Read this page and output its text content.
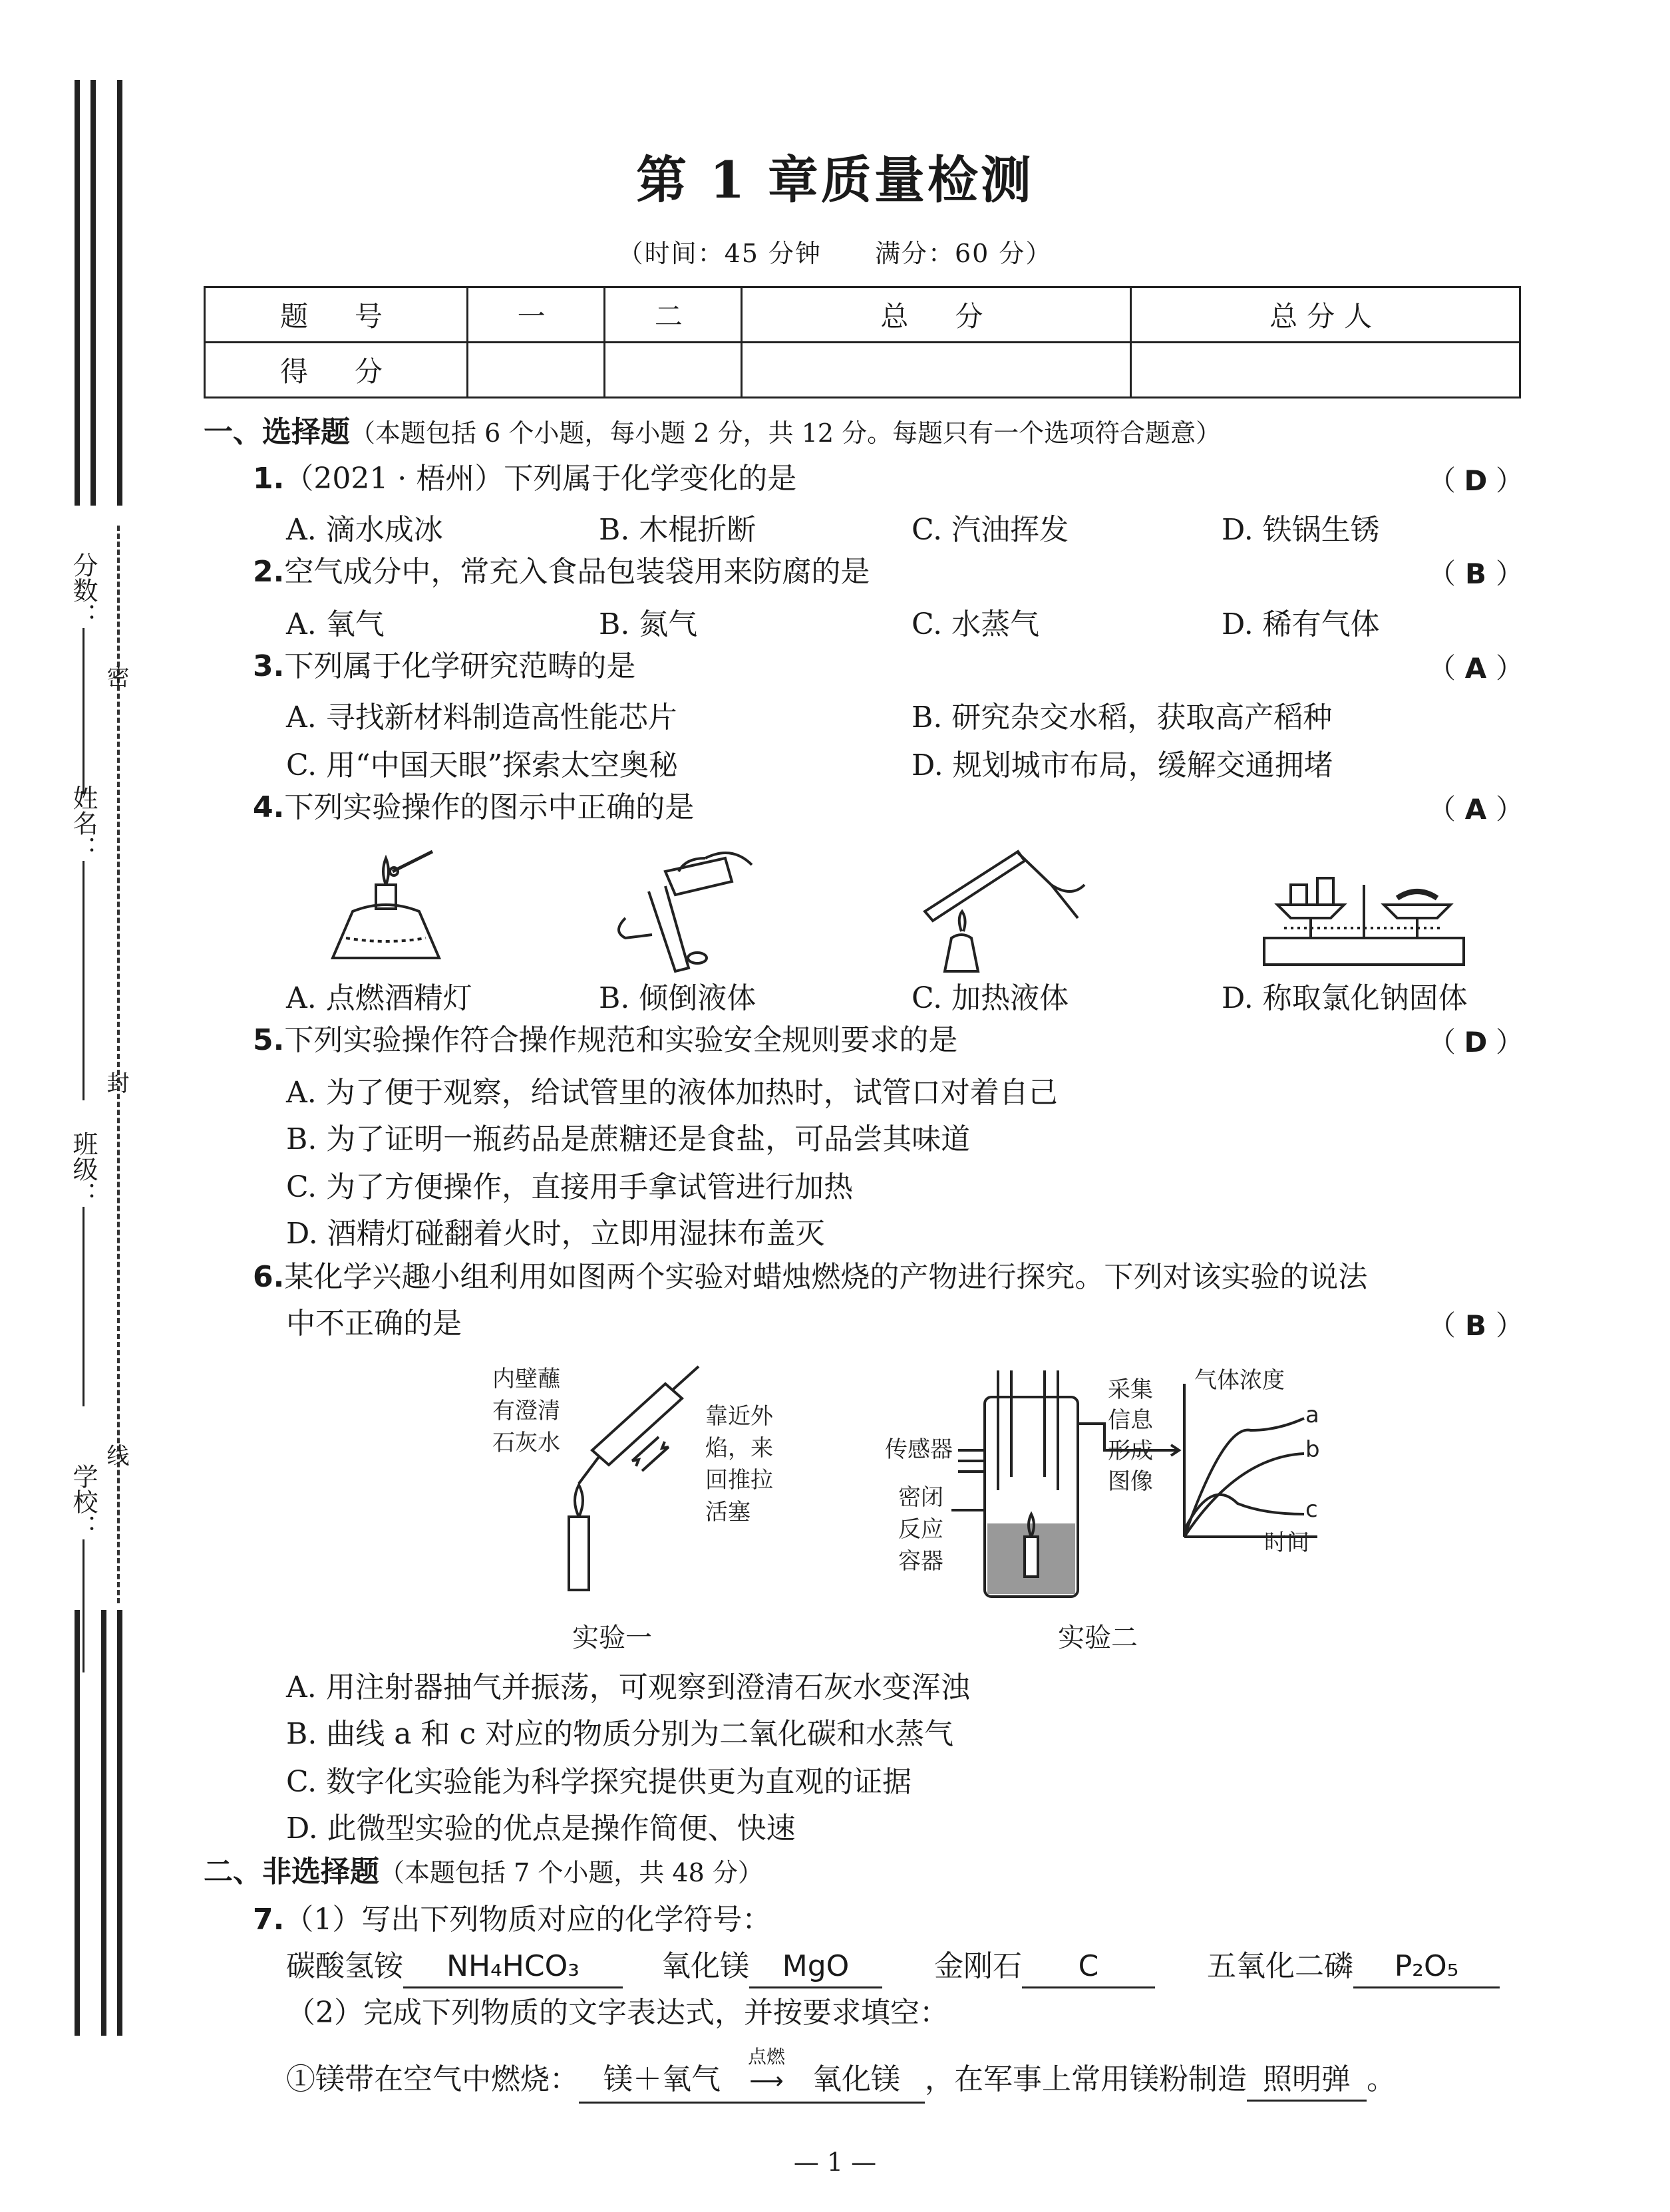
分数：
姓名：
班级：
学校：
密
封
线
第 1 章质量检测
（时间：45 分钟　　满分：60 分）
题　号	一	二	总　分	总分人
得　分				
一、选择题（本题包括 6 个小题，每小题 2 分，共 12 分。每题只有一个选项符合题意）
1.（2021 · 梧州）下列属于化学变化的是	（ D ）
A. 滴水成冰	B. 木棍折断	C. 汽油挥发	D. 铁锅生锈
2.空气成分中，常充入食品包装袋用来防腐的是	（ B ）
A. 氧气	B. 氮气	C. 水蒸气	D. 稀有气体
3.下列属于化学研究范畴的是	（ A ）
A. 寻找新材料制造高性能芯片	B. 研究杂交水稻，获取高产稻种
C. 用“中国天眼”探索太空奥秘	D. 规划城市布局，缓解交通拥堵
4.下列实验操作的图示中正确的是	（ A ）
A. 点燃酒精灯	B. 倾倒液体	C. 加热液体	D. 称取氯化钠固体
5.下列实验操作符合操作规范和实验安全规则要求的是	（ D ）
A. 为了便于观察，给试管里的液体加热时，试管口对着自己
B. 为了证明一瓶药品是蔗糖还是食盐，可品尝其味道
C. 为了方便操作，直接用手拿试管进行加热
D. 酒精灯碰翻着火时，立即用湿抹布盖灭
6.某化学兴趣小组利用如图两个实验对蜡烛燃烧的产物进行探究。下列对该实验的说法
中不正确的是	（ B ）
内壁蘸
有澄清
石灰水
靠近外
焰，来
回推拉
活塞
实验一
传感器
密闭
反应
容器
采集
信息
形成
图像
气体浓度
时间
a
b
c
实验二
A. 用注射器抽气并振荡，可观察到澄清石灰水变浑浊
B. 曲线 a 和 c 对应的物质分别为二氧化碳和水蒸气
C. 数字化实验能为科学探究提供更为直观的证据
D. 此微型实验的优点是操作简便、快速
二、非选择题（本题包括 7 个小题，共 48 分）
7.（1）写出下列物质对应的化学符号：
碳酸氢铵 NH₄HCO₃	氧化镁 MgO	金刚石 C	五氧化二磷 P₂O₅
（2）完成下列物质的文字表达式，并按要求填空：
①镁带在空气中燃烧： 镁＋氧气
点燃
⟶ 氧化镁 ，在军事上常用镁粉制造 照明弹 。
— 1 —
